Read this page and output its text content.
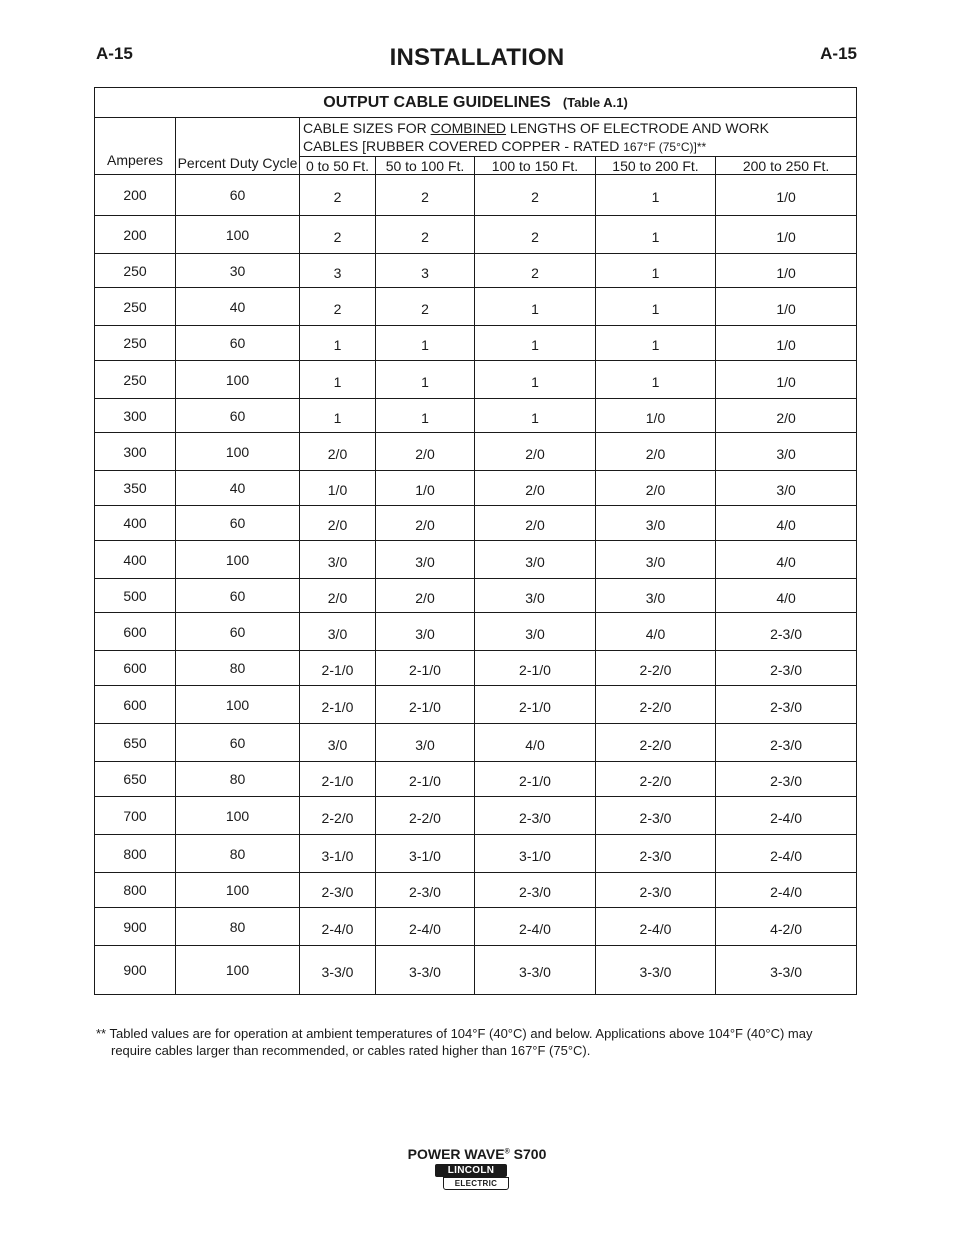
A-15	INSTALLATION	A-15
OUTPUT CABLE GUIDELINES (Table A.1)						
Amperes	Percent Duty Cycle	CABLE SIZES FOR COMBINED LENGTHS OF ELECTRODE AND WORK
CABLES [RUBBER COVERED COPPER - RATED 167°F (75°C)]**				
		0 to 50 Ft.	50 to 100 Ft.	100 to 150 Ft.	150 to 200 Ft.	200 to 250 Ft.
200	60	2	2	2	1	1/0
200	100	2	2	2	1	1/0
250	30	3	3	2	1	1/0
250	40	2	2	1	1	1/0
250	60	1	1	1	1	1/0
250	100	1	1	1	1	1/0
300	60	1	1	1	1/0	2/0
300	100	2/0	2/0	2/0	2/0	3/0
350	40	1/0	1/0	2/0	2/0	3/0
400	60	2/0	2/0	2/0	3/0	4/0
400	100	3/0	3/0	3/0	3/0	4/0
500	60	2/0	2/0	3/0	3/0	4/0
600	60	3/0	3/0	3/0	4/0	2-3/0
600	80	2-1/0	2-1/0	2-1/0	2-2/0	2-3/0
600	100	2-1/0	2-1/0	2-1/0	2-2/0	2-3/0
650	60	3/0	3/0	4/0	2-2/0	2-3/0
650	80	2-1/0	2-1/0	2-1/0	2-2/0	2-3/0
700	100	2-2/0	2-2/0	2-3/0	2-3/0	2-4/0
800	80	3-1/0	3-1/0	3-1/0	2-3/0	2-4/0
800	100	2-3/0	2-3/0	2-3/0	2-3/0	2-4/0
900	80	2-4/0	2-4/0	2-4/0	2-4/0	4-2/0
900	100	3-3/0	3-3/0	3-3/0	3-3/0	3-3/0
** Tabled values are for operation at ambient temperatures of 104°F (40°C) and below. Applications above 104°F (40°C) may
require cables larger than recommended, or cables rated higher than 167°F (75°C).
POWER WAVE® S700
LINCOLN
ELECTRIC
